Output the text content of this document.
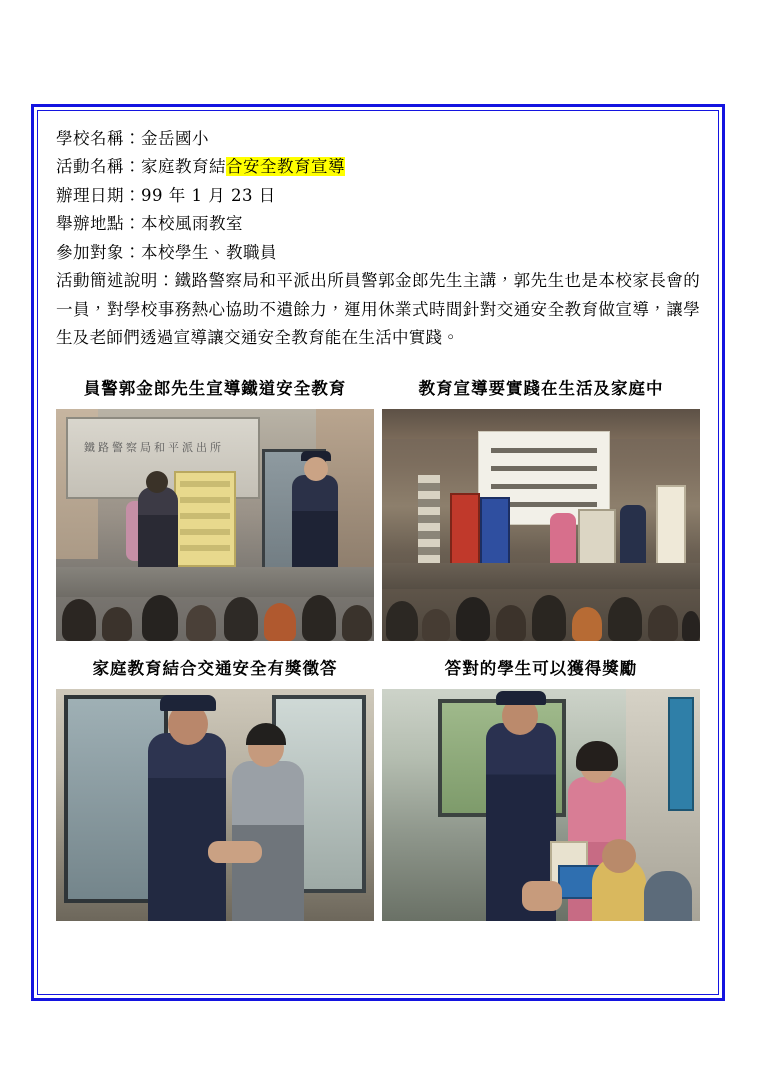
學校名稱：金岳國小
活動名稱：家庭教育結合安全教育宣導
辦理日期：99 年 1 月 23 日
舉辦地點：本校風雨教室
參加對象：本校學生、教職員
活動簡述說明：鐵路警察局和平派出所員警郭金郎先生主講，郭先生也是本校家長會的一員，對學校事務熱心協助不遺餘力，運用休業式時間針對交通安全教育做宣導，讓學生及老師們透過宣導讓交通安全教育能在生活中實踐。
員警郭金郎先生宣導鐵道安全教育
鐵路警察局和平派出所
教育宣導要實踐在生活及家庭中
家庭教育結合交通安全有獎徵答	答對的學生可以獲得獎勵
